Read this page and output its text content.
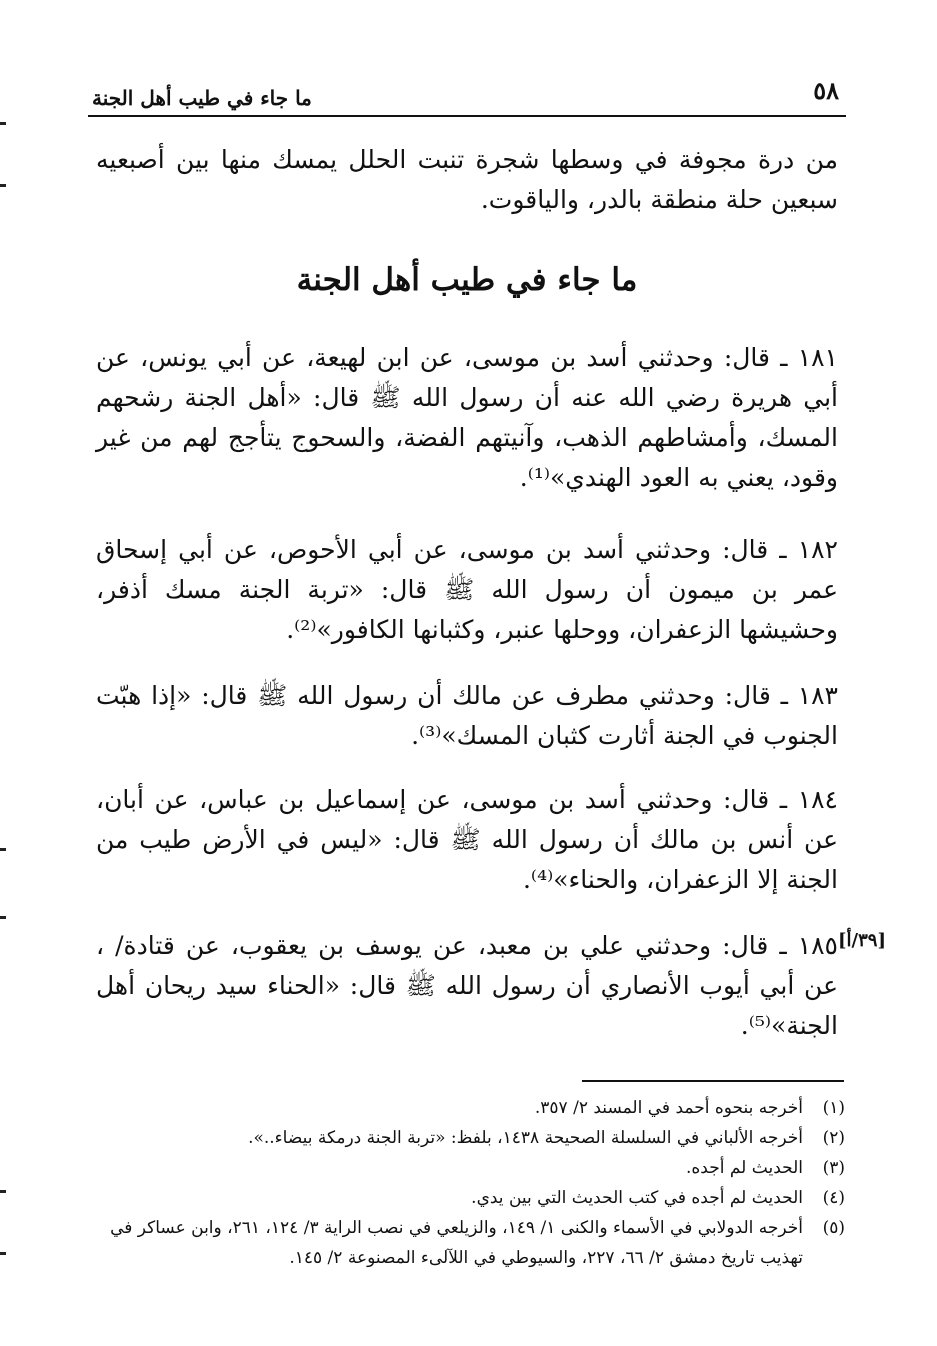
٥٨
ما جاء في طيب أهل الجنة

من درة مجوفة في وسطها شجرة تنبت الحلل يمسك منها بين أصبعيه سبعين حلة منطقة بالدر، والياقوت.

ما جاء في طيب أهل الجنة

١٨١ ـ قال: وحدثني أسد بن موسى، عن ابن لهيعة، عن أبي يونس، عن أبي هريرة رضي الله عنه أن رسول الله ﷺ قال: «أهل الجنة رشحهم المسك، وأمشاطهم الذهب، وآنيتهم الفضة، والسحوج يتأجج لهم من غير وقود، يعني به العود الهندي»⁽¹⁾.

١٨٢ ـ قال: وحدثني أسد بن موسى، عن أبي الأحوص، عن أبي إسحاق عمر بن ميمون أن رسول الله ﷺ قال: «تربة الجنة مسك أذفر، وحشيشها الزعفران، ووحلها عنبر، وكثبانها الكافور»⁽²⁾.

١٨٣ ـ قال: وحدثني مطرف عن مالك أن رسول الله ﷺ قال: «إذا هبّت الجنوب في الجنة أثارت كثبان المسك»⁽³⁾.

١٨٤ ـ قال: وحدثني أسد بن موسى، عن إسماعيل بن عباس، عن أبان، عن أنس بن مالك أن رسول الله ﷺ قال: «ليس في الأرض طيب من الجنة إلا الزعفران، والحناء»⁽⁴⁾.

١٨٥ ـ قال: وحدثني علي بن معبد، عن يوسف بن يعقوب، عن قتادة/ ، عن أبي أيوب الأنصاري أن رسول الله ﷺ قال: «الحناء سيد ريحان أهل الجنة»⁽⁵⁾.

[٣٩/أ]
(١)
أخرجه بنحوه أحمد في المسند ٢/ ٣٥٧.
(٢)
أخرجه الألباني في السلسلة الصحيحة ١٤٣٨، بلفظ: «تربة الجنة درمكة بيضاء..».
(٣)
الحديث لم أجده.
(٤)
الحديث لم أجده في كتب الحديث التي بين يدي.
(٥)
أخرجه الدولابي في الأسماء والكنى ١/ ١٤٩، والزيلعي في نصب الراية ٣/ ١٢٤، ٢٦١، وابن عساكر في تهذيب تاريخ دمشق ٢/ ٦٦، ٢٢٧، والسيوطي في اللآلىء المصنوعة ٢/ ١٤٥.
